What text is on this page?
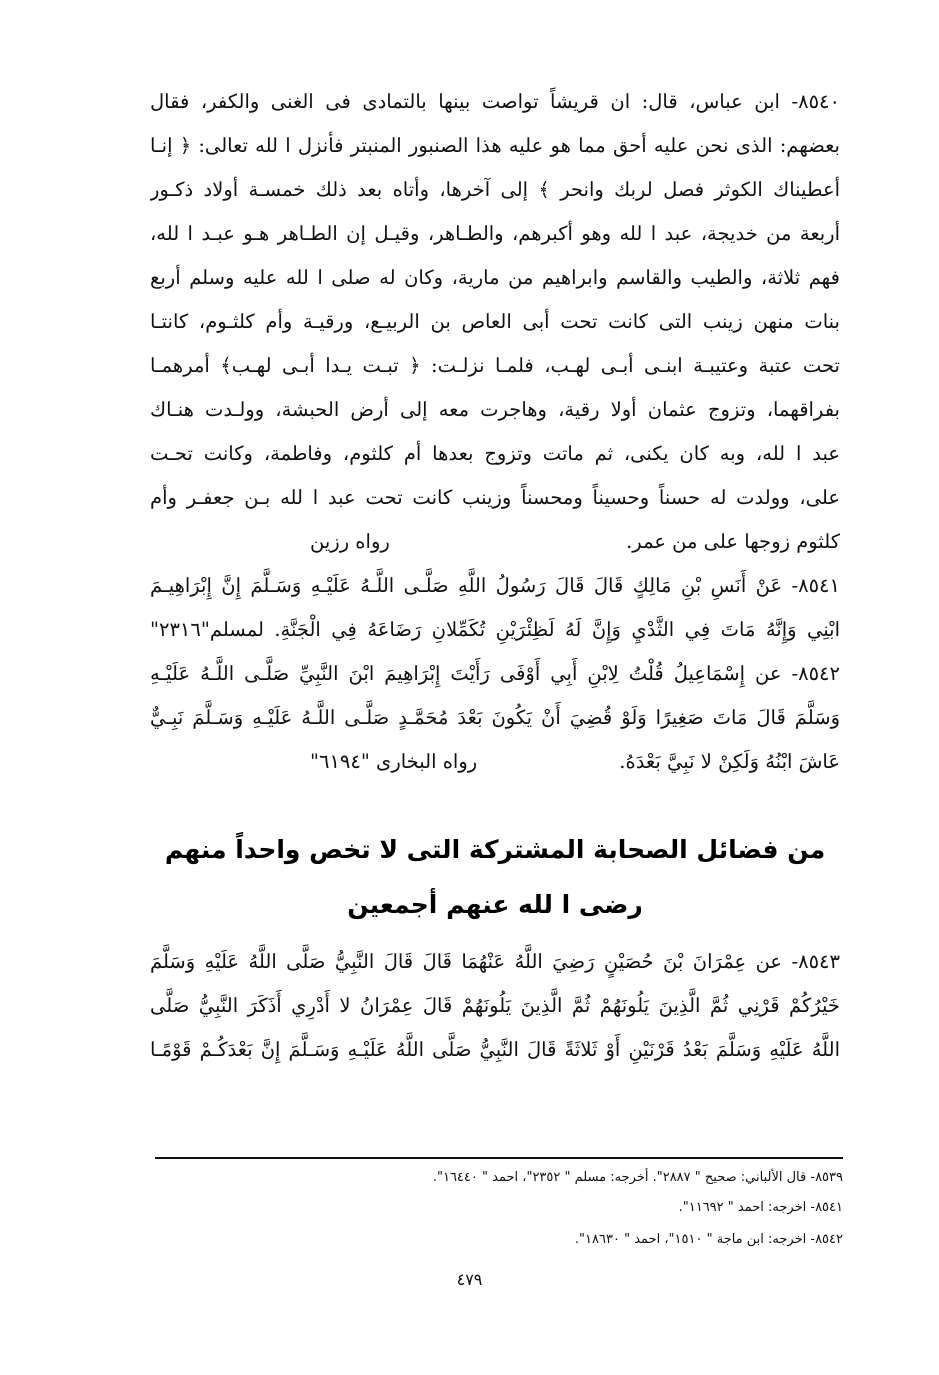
٨٥٤٠- ابن عباس، قال: ان قريشاً تواصت بينها بالتمادى فى الغنى والكفر، فقال
بعضهم: الذى نحن عليه أحق مما هو عليه هذا الصنبور المنبتر فأنزل ا لله تعالى: ﴿ إنـا
أعطيناك الكوثر فصل لربك وانحر ﴾ إلى آخرها، وأتاه بعد ذلك خمسـة أولاد ذكـور
أربعة من خديجة، عبد ا لله وهو أكبرهم، والطـاهر، وقيـل إن الطـاهر هـو عبـد ا لله،
فهم ثلاثة، والطيب والقاسم وابراهيم من مارية، وكان له صلى ا لله عليه وسلم أربع
بنات منهن زينب التى كانت تحت أبى العاص بن الربيـع، ورقيـة وأم كلثـوم، كانتـا
تحت عتبة وعتيبـة ابنـى أبـى لهـب، فلمـا نزلـت: ﴿ تبـت يـدا أبـى لهـب﴾ أمرهمـا
بفراقهما، وتزوج عثمان أولا رقية، وهاجرت معه إلى أرض الحبشة، وولـدت هنـاك
عبد ا لله، وبه كان يكنى، ثم ماتت وتزوج بعدها أم كلثوم، وفاطمة، وكانت تحـت
على، وولدت له حسناً وحسيناً ومحسناً وزينب كانت تحت عبد ا لله بـن جعفـر وأم
كلثوم زوجها على من عمر.
رواه رزين
٨٥٤١- عَنْ أَنَسِ بْنِ مَالِكٍ قَالَ قَالَ رَسُولُ اللَّهِ صَلَّـى اللَّـهُ عَلَيْـهِ وَسَـلَّمَ إِنَّ إِبْرَاهِيـمَ
ابْنِي وَإِنَّهُ مَاتَ فِي الثَّدْيِ وَإِنَّ لَهُ لَظِئْرَيْنِ تُكَمِّلانِ رَضَاعَهُ فِي الْجَنَّةِ. لمسلم"٢٣١٦"
٨٥٤٢- عن إِسْمَاعِيلُ قُلْتُ لِابْنِ أَبِي أَوْفَى رَأَيْتَ إِبْرَاهِيمَ ابْنَ النَّبِيِّ صَلَّـى اللَّـهُ عَلَيْـهِ
وَسَلَّمَ قَالَ مَاتَ صَغِيرًا وَلَوْ قُضِيَ أَنْ يَكُونَ بَعْدَ مُحَمَّـدٍ صَلَّـى اللَّـهُ عَلَيْـهِ وَسَـلَّمَ نَبِـيٌّ
عَاشَ ابْنُهُ وَلَكِنْ لا نَبِيَّ بَعْدَهُ.
رواه البخارى "٦١٩٤"
من فضائل الصحابة المشتركة التى لا تخص واحداً منهم
رضى ا لله عنهم أجمعين
٨٥٤٣- عن عِمْرَانَ بْنَ حُصَيْنٍ رَضِيَ اللَّهُ عَنْهُمَا قَالَ قَالَ النَّبِيُّ صَلَّى اللَّهُ عَلَيْهِ وَسَلَّمَ
خَيْرُكُمْ قَرْنِي ثُمَّ الَّذِينَ يَلُونَهُمْ ثُمَّ الَّذِينَ يَلُونَهُمْ قَالَ عِمْرَانُ لا أَدْرِي أَذَكَرَ النَّبِيُّ صَلَّى
اللَّهُ عَلَيْهِ وَسَلَّمَ بَعْدُ قَرْنَيْنِ أَوْ ثَلاثَةً قَالَ النَّبِيُّ صَلَّى اللَّهُ عَلَيْـهِ وَسَـلَّمَ إِنَّ بَعْدَكُـمْ قَوْمًـا
٨٥٣٩- قال الألباني: صحيح " ٢٨٨٧". أخرجه: مسلم " ٢٣٥٢"، احمد " ١٦٤٤٠".
٨٥٤١- اخرجه: احمد " ١١٦٩٢".
٨٥٤٢- اخرجه: ابن ماجة " ١٥١٠"، احمد " ١٨٦٣٠".
٤٧٩
